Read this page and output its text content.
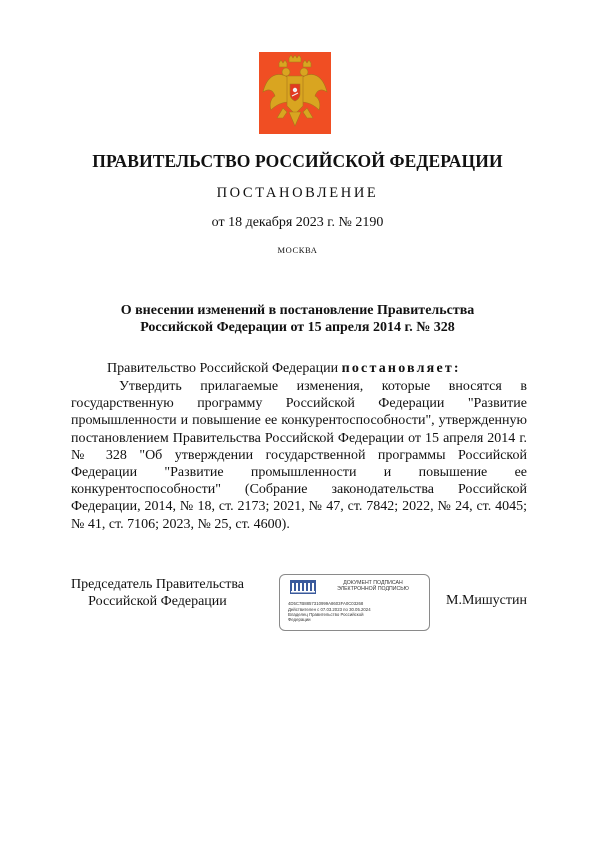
ПРАВИТЕЛЬСТВО РОССИЙСКОЙ ФЕДЕРАЦИИ
ПОСТАНОВЛЕНИЕ
от 18 декабря 2023 г. № 2190
МОСКВА
О внесении изменений в постановление Правительства
Российской Федерации от 15 апреля 2014 г. № 328
Правительство Российской Федерации постановляет:

Утвердить прилагаемые изменения, которые вносятся в государственную программу Российской Федерации "Развитие промышленности и повышение ее конкурентоспособности", утвержденную постановлением Правительства Российской Федерации от 15 апреля 2014 г. № 328 "Об утверждении государственной программы Российской Федерации "Развитие промышленности и повышение ее конкурентоспособности" (Собрание законодательства Российской Федерации, 2014, № 18, ст. 2173; 2021, № 47, ст. 7842; 2022, № 24, ст. 4045; № 41, ст. 7106; 2023, № 25, ст. 4600).

Председатель Правительства
Российской Федерации
ДОКУМЕНТ ПОДПИСАН
ЭЛЕКТРОННОЙ ПОДПИСЬЮ
4D5C7B8857310999A8603FA0C03268
Действителен с 07.03.2023 по 30.05.2024
Владелец Правительство Российской
Федерации
М.Мишустин
